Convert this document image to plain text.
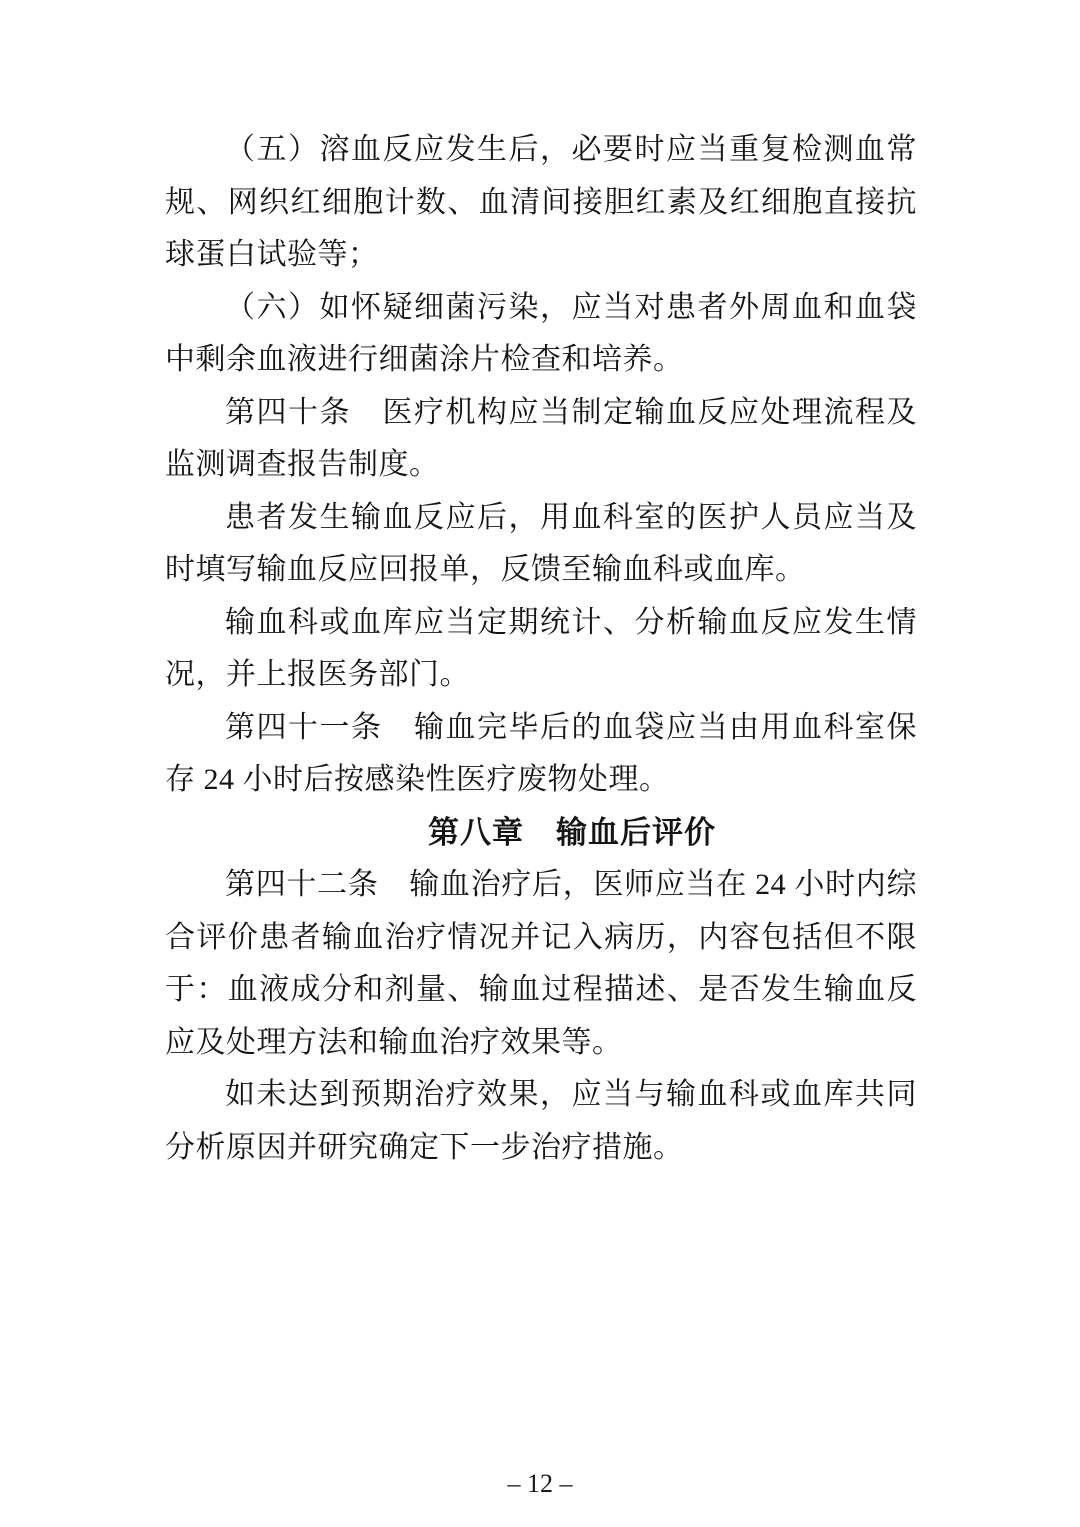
（五）溶血反应发生后，必要时应当重复检测血常规、网织红细胞计数、血清间接胆红素及红细胞直接抗球蛋白试验等；

（六）如怀疑细菌污染，应当对患者外周血和血袋中剩余血液进行细菌涂片检查和培养。

第四十条　医疗机构应当制定输血反应处理流程及监测调查报告制度。

患者发生输血反应后，用血科室的医护人员应当及时填写输血反应回报单，反馈至输血科或血库。

输血科或血库应当定期统计、分析输血反应发生情况，并上报医务部门。

第四十一条　输血完毕后的血袋应当由用血科室保存 24 小时后按感染性医疗废物处理。

第八章　输血后评价

第四十二条　输血治疗后，医师应当在 24 小时内综合评价患者输血治疗情况并记入病历，内容包括但不限于：血液成分和剂量、输血过程描述、是否发生输血反应及处理方法和输血治疗效果等。

如未达到预期治疗效果，应当与输血科或血库共同分析原因并研究确定下一步治疗措施。

– 12 –
